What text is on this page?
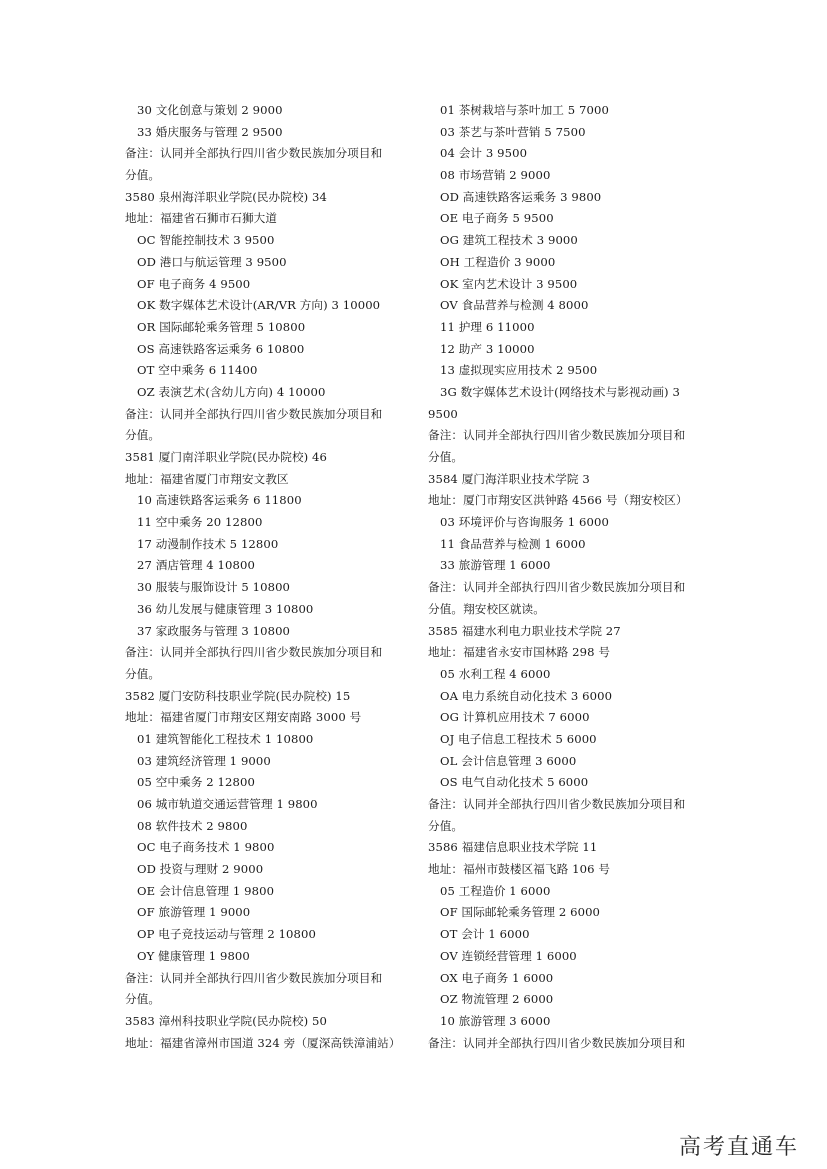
30 文化创意与策划 2 9000
33 婚庆服务与管理 2 9500
备注：认同并全部执行四川省少数民族加分项目和
分值。
3580 泉州海洋职业学院(民办院校) 34
地址：福建省石狮市石狮大道
OC 智能控制技术 3 9500
OD 港口与航运管理 3 9500
OF 电子商务 4 9500
OK 数字媒体艺术设计(AR/VR 方向) 3 10000
OR 国际邮轮乘务管理 5 10800
OS 高速铁路客运乘务 6 10800
OT 空中乘务 6 11400
OZ 表演艺术(含幼儿方向) 4 10000
备注：认同并全部执行四川省少数民族加分项目和
分值。
3581 厦门南洋职业学院(民办院校) 46
地址：福建省厦门市翔安文教区
10 高速铁路客运乘务 6 11800
11 空中乘务 20 12800
17 动漫制作技术 5 12800
27 酒店管理 4 10800
30 服装与服饰设计 5 10800
36 幼儿发展与健康管理 3 10800
37 家政服务与管理 3 10800
备注：认同并全部执行四川省少数民族加分项目和
分值。
3582 厦门安防科技职业学院(民办院校) 15
地址：福建省厦门市翔安区翔安南路 3000 号
01 建筑智能化工程技术 1 10800
03 建筑经济管理 1 9000
05 空中乘务 2 12800
06 城市轨道交通运营管理 1 9800
08 软件技术 2 9800
OC 电子商务技术 1 9800
OD 投资与理财 2 9000
OE 会计信息管理 1 9800
OF 旅游管理 1 9000
OP 电子竞技运动与管理 2 10800
OY 健康管理 1 9800
备注：认同并全部执行四川省少数民族加分项目和
分值。
3583 漳州科技职业学院(民办院校) 50
地址：福建省漳州市国道 324 旁（厦深高铁漳浦站）
01 茶树栽培与茶叶加工 5 7000
03 茶艺与茶叶营销 5 7500
04 会计 3 9500
08 市场营销 2 9000
OD 高速铁路客运乘务 3 9800
OE 电子商务 5 9500
OG 建筑工程技术 3 9000
OH 工程造价 3 9000
OK 室内艺术设计 3 9500
OV 食品营养与检测 4 8000
11 护理 6 11000
12 助产 3 10000
13 虚拟现实应用技术 2 9500
3G 数字媒体艺术设计(网络技术与影视动画) 3
9500
备注：认同并全部执行四川省少数民族加分项目和
分值。
3584 厦门海洋职业技术学院 3
地址：厦门市翔安区洪钟路 4566 号（翔安校区）
03 环境评价与咨询服务 1 6000
11 食品营养与检测 1 6000
33 旅游管理 1 6000
备注：认同并全部执行四川省少数民族加分项目和
分值。翔安校区就读。
3585 福建水利电力职业技术学院 27
地址：福建省永安市国林路 298 号
05 水利工程 4 6000
OA 电力系统自动化技术 3 6000
OG 计算机应用技术 7 6000
OJ 电子信息工程技术 5 6000
OL 会计信息管理 3 6000
OS 电气自动化技术 5 6000
备注：认同并全部执行四川省少数民族加分项目和
分值。
3586 福建信息职业技术学院 11
地址：福州市鼓楼区福飞路 106 号
05 工程造价 1 6000
OF 国际邮轮乘务管理 2 6000
OT 会计 1 6000
OV 连锁经营管理 1 6000
OX 电子商务 1 6000
OZ 物流管理 2 6000
10 旅游管理 3 6000
备注：认同并全部执行四川省少数民族加分项目和
高考直通车
